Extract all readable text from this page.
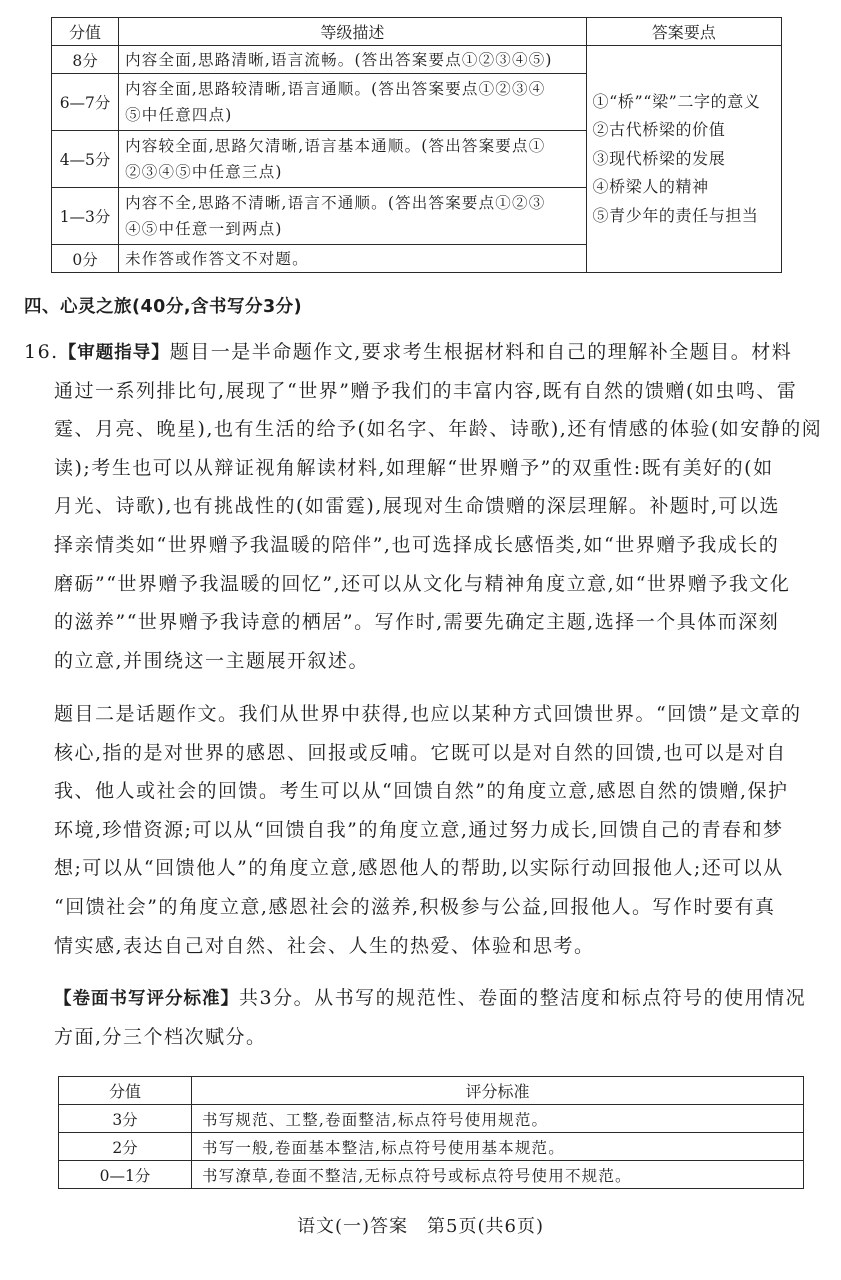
分值	等级描述	答案要点
8分	内容全面,思路清晰,语言流畅。(答出答案要点①②③④⑤)	①“桥”“梁”二字的意义
②古代桥梁的价值
③现代桥梁的发展
④桥梁人的精神
⑤青少年的责任与担当

6—7分	内容全面,思路较清晰,语言通顺。(答出答案要点①②③④
⑤中任意四点)	

4—5分	内容较全面,思路欠清晰,语言基本通顺。(答出答案要点①
②③④⑤中任意三点)	

1—3分	内容不全,思路不清晰,语言不通顺。(答出答案要点①②③
④⑤中任意一到两点)	

0分	未作答或作答文不对题。	
四、心灵之旅(40分,含书写分3分)
16.【审题指导】题目一是半命题作文,要求考生根据材料和自己的理解补全题目。材料
通过一系列排比句,展现了“世界”赠予我们的丰富内容,既有自然的馈赠(如虫鸣、雷
霆、月亮、晚星),也有生活的给予(如名字、年龄、诗歌),还有情感的体验(如安静的阅
读);考生也可以从辩证视角解读材料,如理解“世界赠予”的双重性:既有美好的(如
月光、诗歌),也有挑战性的(如雷霆),展现对生命馈赠的深层理解。补题时,可以选
择亲情类如“世界赠予我温暖的陪伴”,也可选择成长感悟类,如“世界赠予我成长的
磨砺”“世界赠予我温暖的回忆”,还可以从文化与精神角度立意,如“世界赠予我文化
的滋养”“世界赠予我诗意的栖居”。写作时,需要先确定主题,选择一个具体而深刻
的立意,并围绕这一主题展开叙述。
题目二是话题作文。我们从世界中获得,也应以某种方式回馈世界。“回馈”是文章的
核心,指的是对世界的感恩、回报或反哺。它既可以是对自然的回馈,也可以是对自
我、他人或社会的回馈。考生可以从“回馈自然”的角度立意,感恩自然的馈赠,保护
环境,珍惜资源;可以从“回馈自我”的角度立意,通过努力成长,回馈自己的青春和梦
想;可以从“回馈他人”的角度立意,感恩他人的帮助,以实际行动回报他人;还可以从
“回馈社会”的角度立意,感恩社会的滋养,积极参与公益,回报他人。写作时要有真
情实感,表达自己对自然、社会、人生的热爱、体验和思考。
【卷面书写评分标准】共3分。从书写的规范性、卷面的整洁度和标点符号的使用情况
方面,分三个档次赋分。
分值	评分标准
3分	书写规范、工整,卷面整洁,标点符号使用规范。
2分	书写一般,卷面基本整洁,标点符号使用基本规范。
0—1分	书写潦草,卷面不整洁,无标点符号或标点符号使用不规范。
语文(一)答案　第5页(共6页)
